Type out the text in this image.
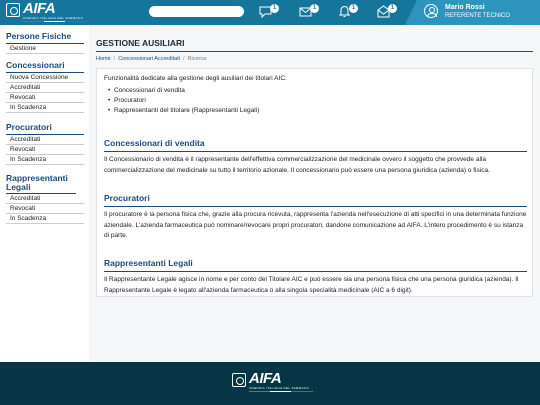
AIFA
AGENZIA ITALIANA DEL FARMACO
1	1	1	1	Mario Rossi
REFERENTE TECNICO
Persone Fisiche
Gestione
Concessionari
Nuova Concessione
Accreditati
Revocati
In Scadenza
Procuratori
Accreditati
Revocati
In Scadenza
Rappresentanti Legali
Accreditati
Revocati
In Scadenza
GESTIONE AUSILIARI
Home / Concessionari Accreditati / Ricerca
Funzionalità dedicate alla gestione degli ausiliari dei titolari AIC:
• Concessionari di vendita
• Procuratori
• Rappresentanti del titolare (Rappresentanti Legali)
Concessionari di vendita
Il Concessionario di vendita è il rappresentante dell'effettiva commercializzazione del medicinale ovvero il soggetto che provvede alla commercializzazione del medicinale su tutto il territorio azionale. Il concessionario può essere una persona giuridica (azienda) o fisica.
Procuratori
Il procuratore è la persona fisica che, grazie alla procura ricevuta, rappresenta l'azienda nell'esecuzione di atti specifici in una determinata funzione aziendale. L'azienda farmaceutica può nominare/revocare propri procuratori, dandone comunicazione ad AIFA. L'intero procedimento è su istanza di parte.
Rappresentanti Legali
Il Rappresentante Legale agisce in nome e per conto del Titolare AIC e può essere sia una persona fisica che una persona giuridica (azienda). Il Rappresentante Legale è legato all'azienda farmaceutica o alla singola specialità medicinale (AIC a 6 digit).
AIFA
AGENZIA ITALIANA DEL FARMACO
